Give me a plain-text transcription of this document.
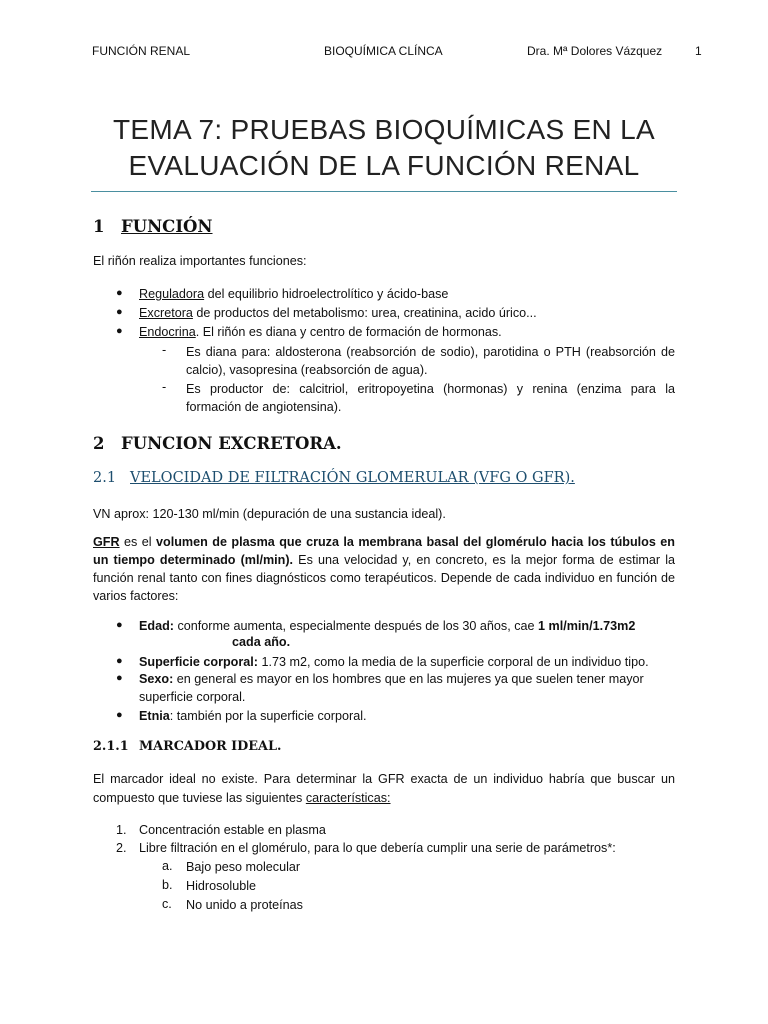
FUNCIÓN RENAL	BIOQUÍMICA CLÍNCA	Dra. Mª Dolores Vázquez	1
TEMA 7: PRUEBAS BIOQUÍMICAS EN LA
EVALUACIÓN DE LA FUNCIÓN RENAL
1 FUNCIÓN
El riñón realiza importantes funciones:
● Reguladora del equilibrio hidroelectrolítico y ácido-base
● Excretora de productos del metabolismo: urea, creatinina, acido úrico...
● Endocrina. El riñón es diana y centro de formación de hormonas.
- Es diana para: aldosterona (reabsorción de sodio), parotidina o PTH (reabsorción de calcio), vasopresina (reabsorción de agua).
- Es productor de: calcitriol, eritropoyetina (hormonas) y renina (enzima para la formación de angiotensina).
2 FUNCION EXCRETORA.
2.1 VELOCIDAD DE FILTRACIÓN GLOMERULAR (VFG O GFR).
VN aprox: 120-130 ml/min (depuración de una sustancia ideal).
GFR es el volumen de plasma que cruza la membrana basal del glomérulo hacia los túbulos en un tiempo determinado (ml/min). Es una velocidad y, en concreto, es la mejor forma de estimar la función renal tanto con fines diagnósticos como terapéuticos. Depende de cada individuo en función de varios factores:
● Edad: conforme aumenta, especialmente después de los 30 años, cae 1 ml/min/1.73m2
cada año.
● Superficie corporal: 1.73 m2, como la media de la superficie corporal de un individuo tipo.
● Sexo: en general es mayor en los hombres que en las mujeres ya que suelen tener mayor
superficie corporal.
● Etnia: también por la superficie corporal.
2.1.1 MARCADOR IDEAL.
El marcador ideal no existe. Para determinar la GFR exacta de un individuo habría que buscar un compuesto que tuviese las siguientes características:
1. Concentración estable en plasma
2. Libre filtración en el glomérulo, para lo que debería cumplir una serie de parámetros*:
a. Bajo peso molecular
b. Hidrosoluble
c. No unido a proteínas
